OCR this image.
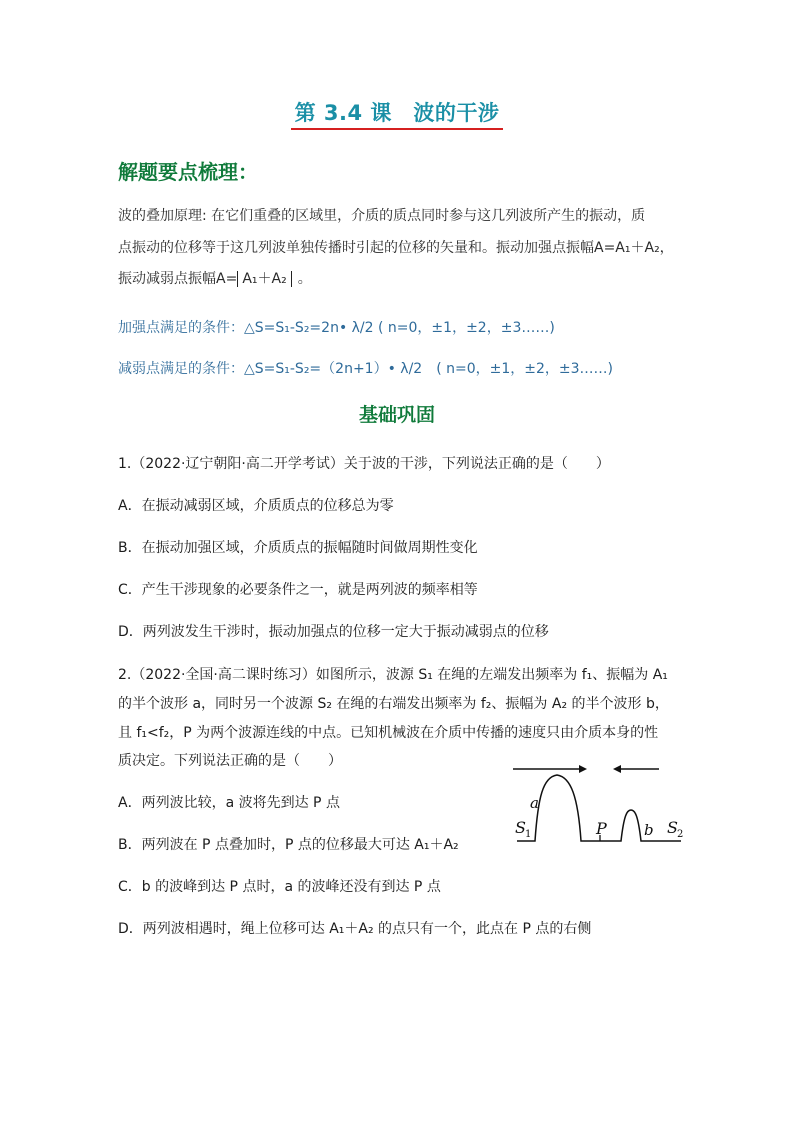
第 3.4 课　波的干涉
解题要点梳理：
波的叠加原理: 在它们重叠的区域里，介质的质点同时参与这几列波所产生的振动，质
点振动的位移等于这几列波单独传播时引起的位移的矢量和。振动加强点振幅A=A₁＋A₂，
振动减弱点振幅A= A₁＋A₂ 。
加强点满足的条件：△S=S₁-S₂=2n• λ/2 ( n=0，±1，±2，±3……)
减弱点满足的条件：△S=S₁-S₂=（2n+1）• λ/2　( n=0，±1，±2，±3……)
基础巩固
1.（2022·辽宁朝阳·高二开学考试）关于波的干涉，下列说法正确的是（　　）
A．在振动减弱区域，介质质点的位移总为零
B．在振动加强区域，介质质点的振幅随时间做周期性变化
C．产生干涉现象的必要条件之一，就是两列波的频率相等
D．两列波发生干涉时，振动加强点的位移一定大于振动减弱点的位移
2.（2022·全国·高二课时练习）如图所示，波源 S₁ 在绳的左端发出频率为 f₁、振幅为 A₁
的半个波形 a，同时另一个波源 S₂ 在绳的右端发出频率为 f₂、振幅为 A₂ 的半个波形 b，
且 f₁<f₂，P 为两个波源连线的中点。已知机械波在介质中传播的速度只由介质本身的性
质决定。下列说法正确的是（　　）
A．两列波比较，a 波将先到达 P 点
B．两列波在 P 点叠加时，P 点的位移最大可达 A₁＋A₂
C．b 的波峰到达 P 点时，a 的波峰还没有到达 P 点
D．两列波相遇时，绳上位移可达 A₁＋A₂ 的点只有一个，此点在 P 点的右侧
a
S 1	P b S 2
